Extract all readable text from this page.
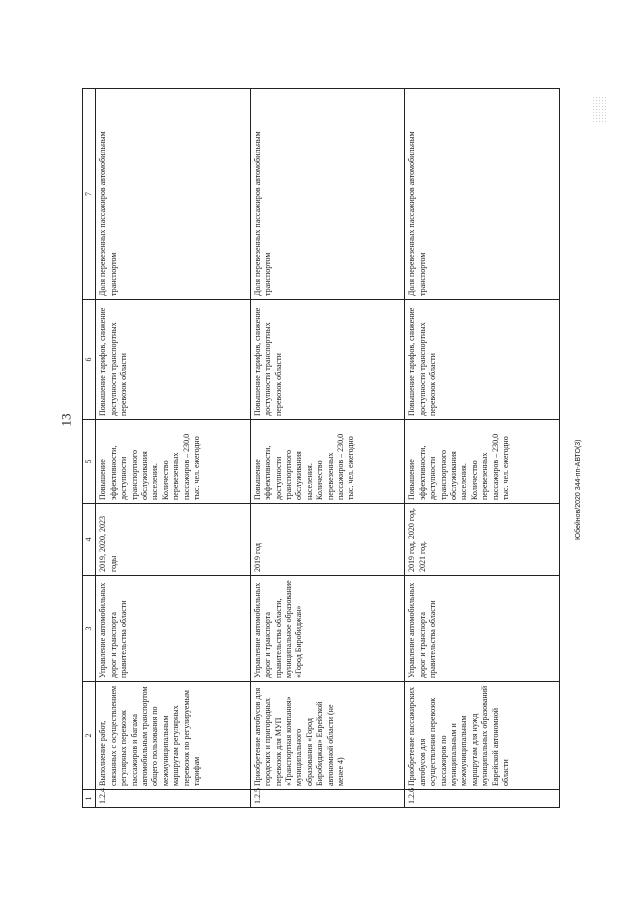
13
Юбейнов/2020 344-пп-АВТО(3)
1	2	3	4	5	6	7
1.2.4	Выполнение работ, связанных с осуществлением регулярных перевозок пассажиров и багажа автомобильным транспортом общего пользования по межмуниципальным маршрутам регулярных перевозок по регулируемым тарифам	Управление автомобильных дорог и транспорта правительства области	2019, 2020, 2023 годы	Повышение эффективности, доступности транспортного обслуживания населения. Количество перевезенных пассажиров – 230,0 тыс. чел. ежегодно	Повышение тарифов, снижение доступности транспортных перевозок области	Доля перевезенных пассажиров автомобильным транспортом
1.2.5	Приобретение автобусов для городских и пригородных перевозок для МУП «Транспортная компания» муниципального образования «Город Биробиджан» Еврейской автономной области (не менее 4)	Управление автомобильных дорог и транспорта правительства области, муниципальное образование «Город Биробиджан»	2019 год	Повышение эффективности, доступности транспортного обслуживания населения. Количество перевезенных пассажиров – 230,0 тыс. чел. ежегодно	Повышение тарифов, снижение доступности транспортных перевозок области	Доля перевезенных пассажиров автомобильным транспортом
1.2.6	Приобретение пассажирских автобусов для осуществления перевозок пассажиров по муниципальным и межмуниципальным маршрутам для нужд муниципальных образований Еврейской автономной области	Управление автомобильных дорог и транспорта правительства области	2019 год, 2020 год, 2021 год.	Повышение эффективности, доступности транспортного обслуживания населения. Количество перевезенных пассажиров – 230,0 тыс. чел. ежегодно	Повышение тарифов, снижение доступности транспортных перевозок области	Доля перевезенных пассажиров автомобильным транспортом
